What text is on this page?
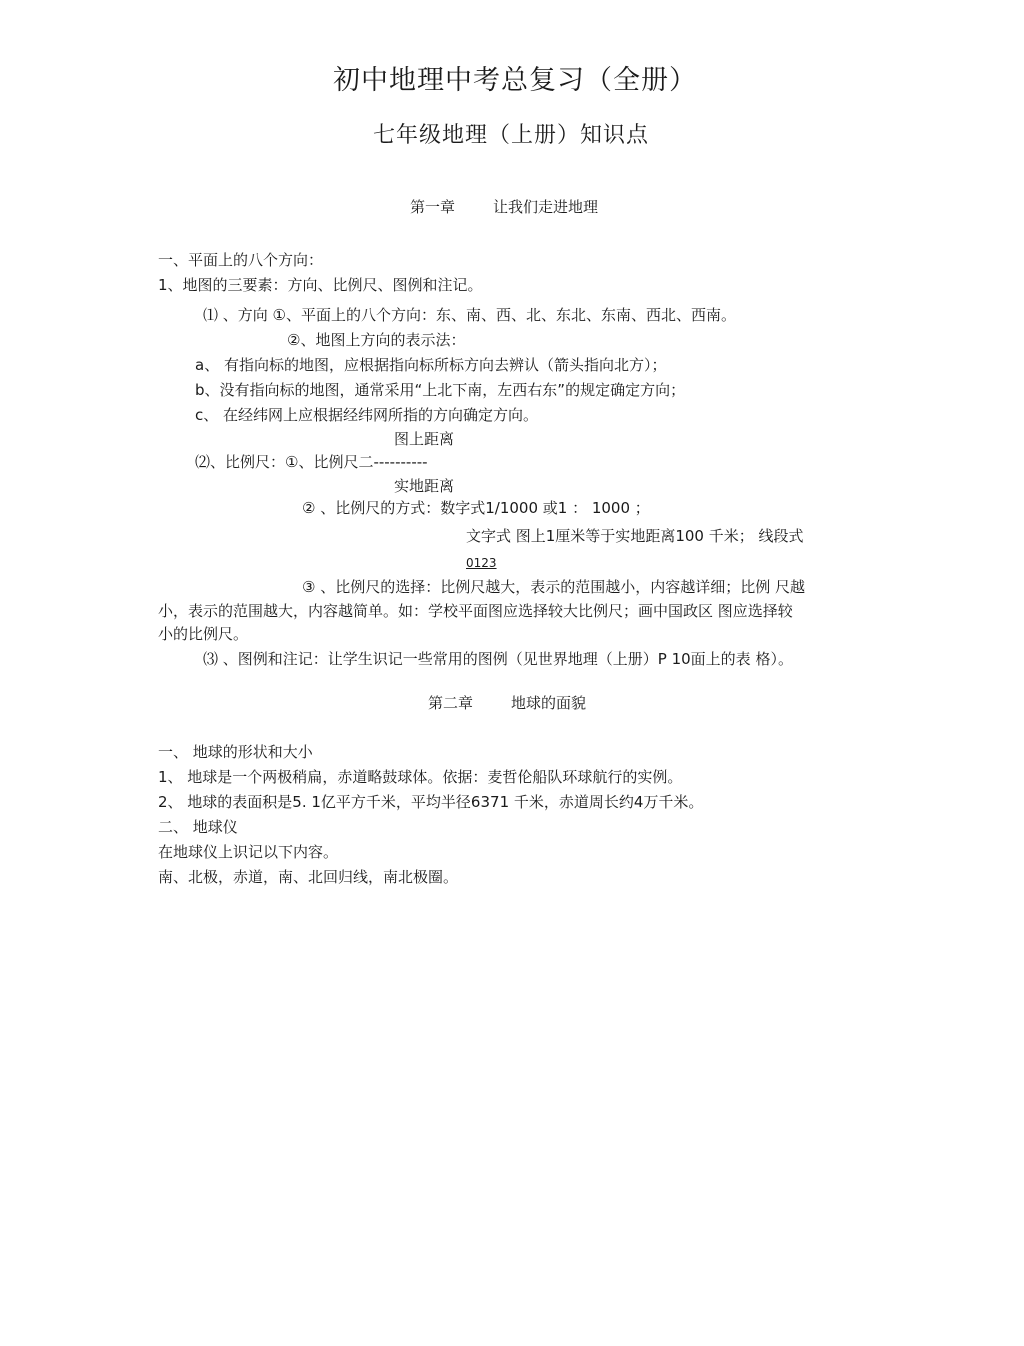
初中地理中考总复习（全册）
七年级地理（上册）知识点
第一章	让我们走进地理
一、平面上的八个方向：
1、地图的三要素：方向、比例尺、图例和注记。
⑴ 、方向 ①、平面上的八个方向：东、南、西、北、东北、东南、西北、西南。
②、地图上方向的表示法：
a、 有指向标的地图，应根据指向标所标方向去辨认（箭头指向北方）；
b、没有指向标的地图，通常采用“上北下南，左西右东”的规定确定方向；
c、 在经纬网上应根据经纬网所指的方向确定方向。
图上距离
⑵、比例尺：①、比例尺二----------
实地距离
② 、比例尺的方式：数字式1/1000 或1 ： 1000 ；
文字式 图上1厘米等于实地距离100 千米； 线段式
0123
③ 、比例尺的选择：比例尺越大，表示的范围越小，内容越详细；比例 尺越
小，表示的范围越大，内容越简单。如：学校平面图应选择较大比例尺；画中国政区 图应选择较
小的比例尺。
⑶ 、图例和注记：让学生识记一些常用的图例（见世界地理（上册）P 10面上的表 格）。
第二章	地球的面貌
一、 地球的形状和大小
1、 地球是一个两极稍扁，赤道略鼓球体。依据：麦哲伦船队环球航行的实例。
2、 地球的表面积是5. 1亿平方千米，平均半径6371 千米，赤道周长约4万千米。
二、 地球仪
在地球仪上识记以下内容。
南、北极，赤道，南、北回归线，南北极圈。
